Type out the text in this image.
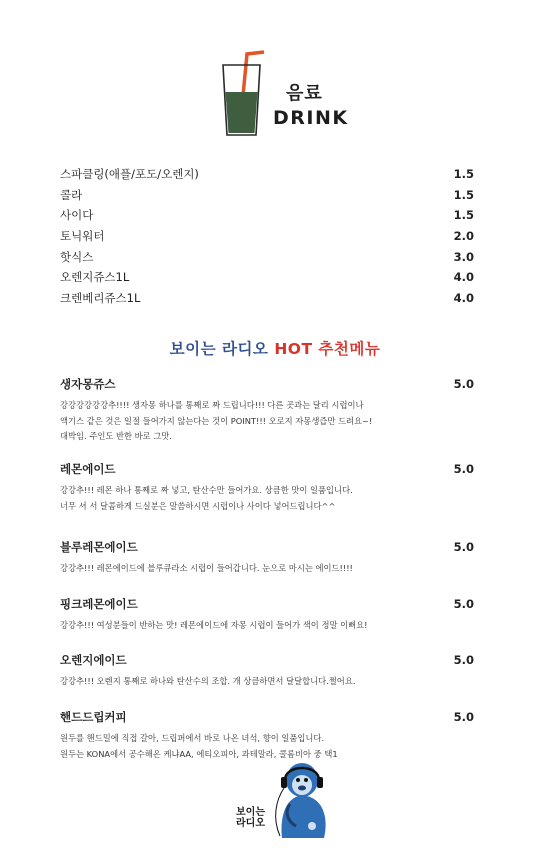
음료
DRINK
스파클링(애플/포도/오렌지)	1.5
콜라	1.5
사이다	1.5
토닉워터	2.0
핫식스	3.0
오렌지쥬스1L	4.0
크렌베리쥬스1L	4.0
보이는 라디오 HOT 추천메뉴
생자몽쥬스	5.0
강강강강강강추!!!! 생자몽 하나를 통째로 짜 드립니다!!! 다른 곳과는 달리 시럽이나
액기스 같은 것은 일절 들어가지 않는다는 것이 POINT!!! 오로지 자몽생즙만 드려요~!
대박임. 주인도 반한 바로 그맛.
레몬에이드	5.0
강강추!!! 레몬 하나 통째로 짜 넣고, 탄산수만 들어가요. 상큼한 맛이 일품입니다.
너무 셔 서 달콤하게 드실분은 말씀하시면 시럽이나 사이다 넣어드립니다^^
블루레몬에이드	5.0
강강추!!! 레몬에이드에 블루큐라소 시럽이 들어갑니다. 눈으로 마시는 에이드!!!!
핑크레몬에이드	5.0
강강추!!! 여성분들이 반하는 맛! 레몬에이드에 자몽 시럽이 들어가 색이 정말 이뻐요!
오렌지에이드	5.0
강강추!!! 오렌지 통째로 하나와 탄산수의 조합. 개 상큼하면서 달달합니다.쩔어요.
핸드드립커피	5.0
원두를 핸드밀에 직접 갈아, 드립퍼에서 바로 나온 녀석, 향이 일품입니다.
원두는 KONA에서 공수해온 케냐AA, 에티오피아, 과테말라, 콜롬비아 중 택1
보이는
라디오
